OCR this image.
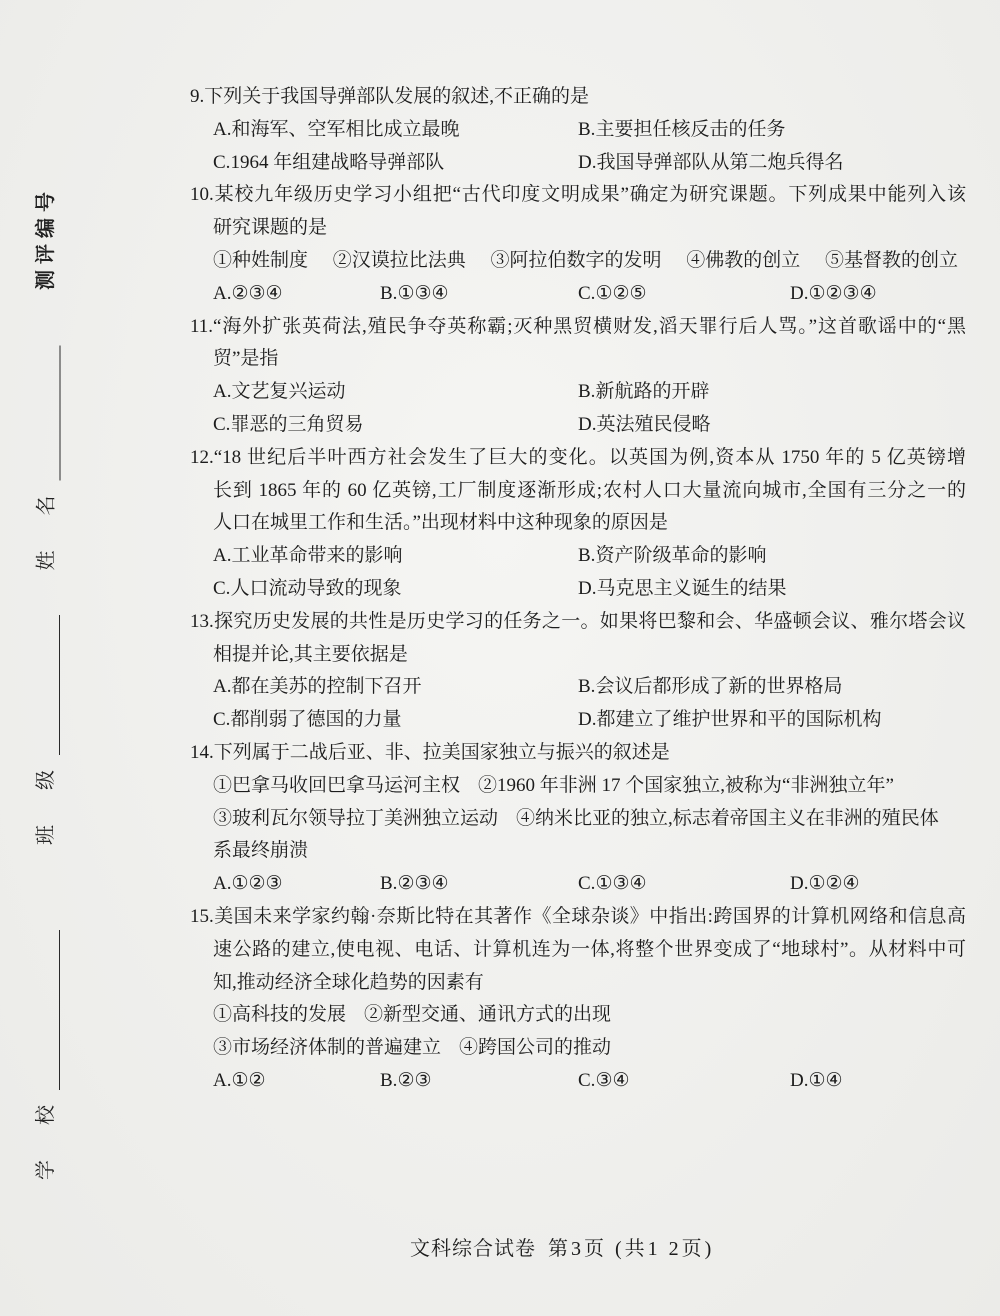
测评编号
姓 名
班 级
学 校
9.下列关于我国导弹部队发展的叙述,不正确的是
A.和海军、空军相比成立最晚	B.主要担任核反击的任务
C.1964 年组建战略导弹部队	D.我国导弹部队从第二炮兵得名
10.某校九年级历史学习小组把“古代印度文明成果”确定为研究课题。下列成果中能列入该
研究课题的是
①种姓制度 ②汉谟拉比法典 ③阿拉伯数字的发明 ④佛教的创立 ⑤基督教的创立
A.②③④	B.①③④	C.①②⑤	D.①②③④
11.“海外扩张英荷法,殖民争夺英称霸;灭种黑贸横财发,滔天罪行后人骂。”这首歌谣中的“黑
贸”是指
A.文艺复兴运动	B.新航路的开辟
C.罪恶的三角贸易	D.英法殖民侵略
12.“18 世纪后半叶西方社会发生了巨大的变化。以英国为例,资本从 1750 年的 5 亿英镑增
长到 1865 年的 60 亿英镑,工厂制度逐渐形成;农村人口大量流向城市,全国有三分之一的
人口在城里工作和生活。”出现材料中这种现象的原因是
A.工业革命带来的影响	B.资产阶级革命的影响
C.人口流动导致的现象	D.马克思主义诞生的结果
13.探究历史发展的共性是历史学习的任务之一。如果将巴黎和会、华盛顿会议、雅尔塔会议
相提并论,其主要依据是
A.都在美苏的控制下召开	B.会议后都形成了新的世界格局
C.都削弱了德国的力量	D.都建立了维护世界和平的国际机构
14.下列属于二战后亚、非、拉美国家独立与振兴的叙述是
①巴拿马收回巴拿马运河主权 ②1960 年非洲 17 个国家独立,被称为“非洲独立年”
③玻利瓦尔领导拉丁美洲独立运动 ④纳米比亚的独立,标志着帝国主义在非洲的殖民体
系最终崩溃
A.①②③	B.②③④	C.①③④	D.①②④
15.美国未来学家约翰·奈斯比特在其著作《全球杂谈》中指出:跨国界的计算机网络和信息高
速公路的建立,使电视、电话、计算机连为一体,将整个世界变成了“地球村”。从材料中可
知,推动经济全球化趋势的因素有
①高科技的发展 ②新型交通、通讯方式的出现
③市场经济体制的普遍建立 ④跨国公司的推动
A.①②	B.②③	C.③④	D.①④
文科综合试卷 第3页 (共1 2页)
